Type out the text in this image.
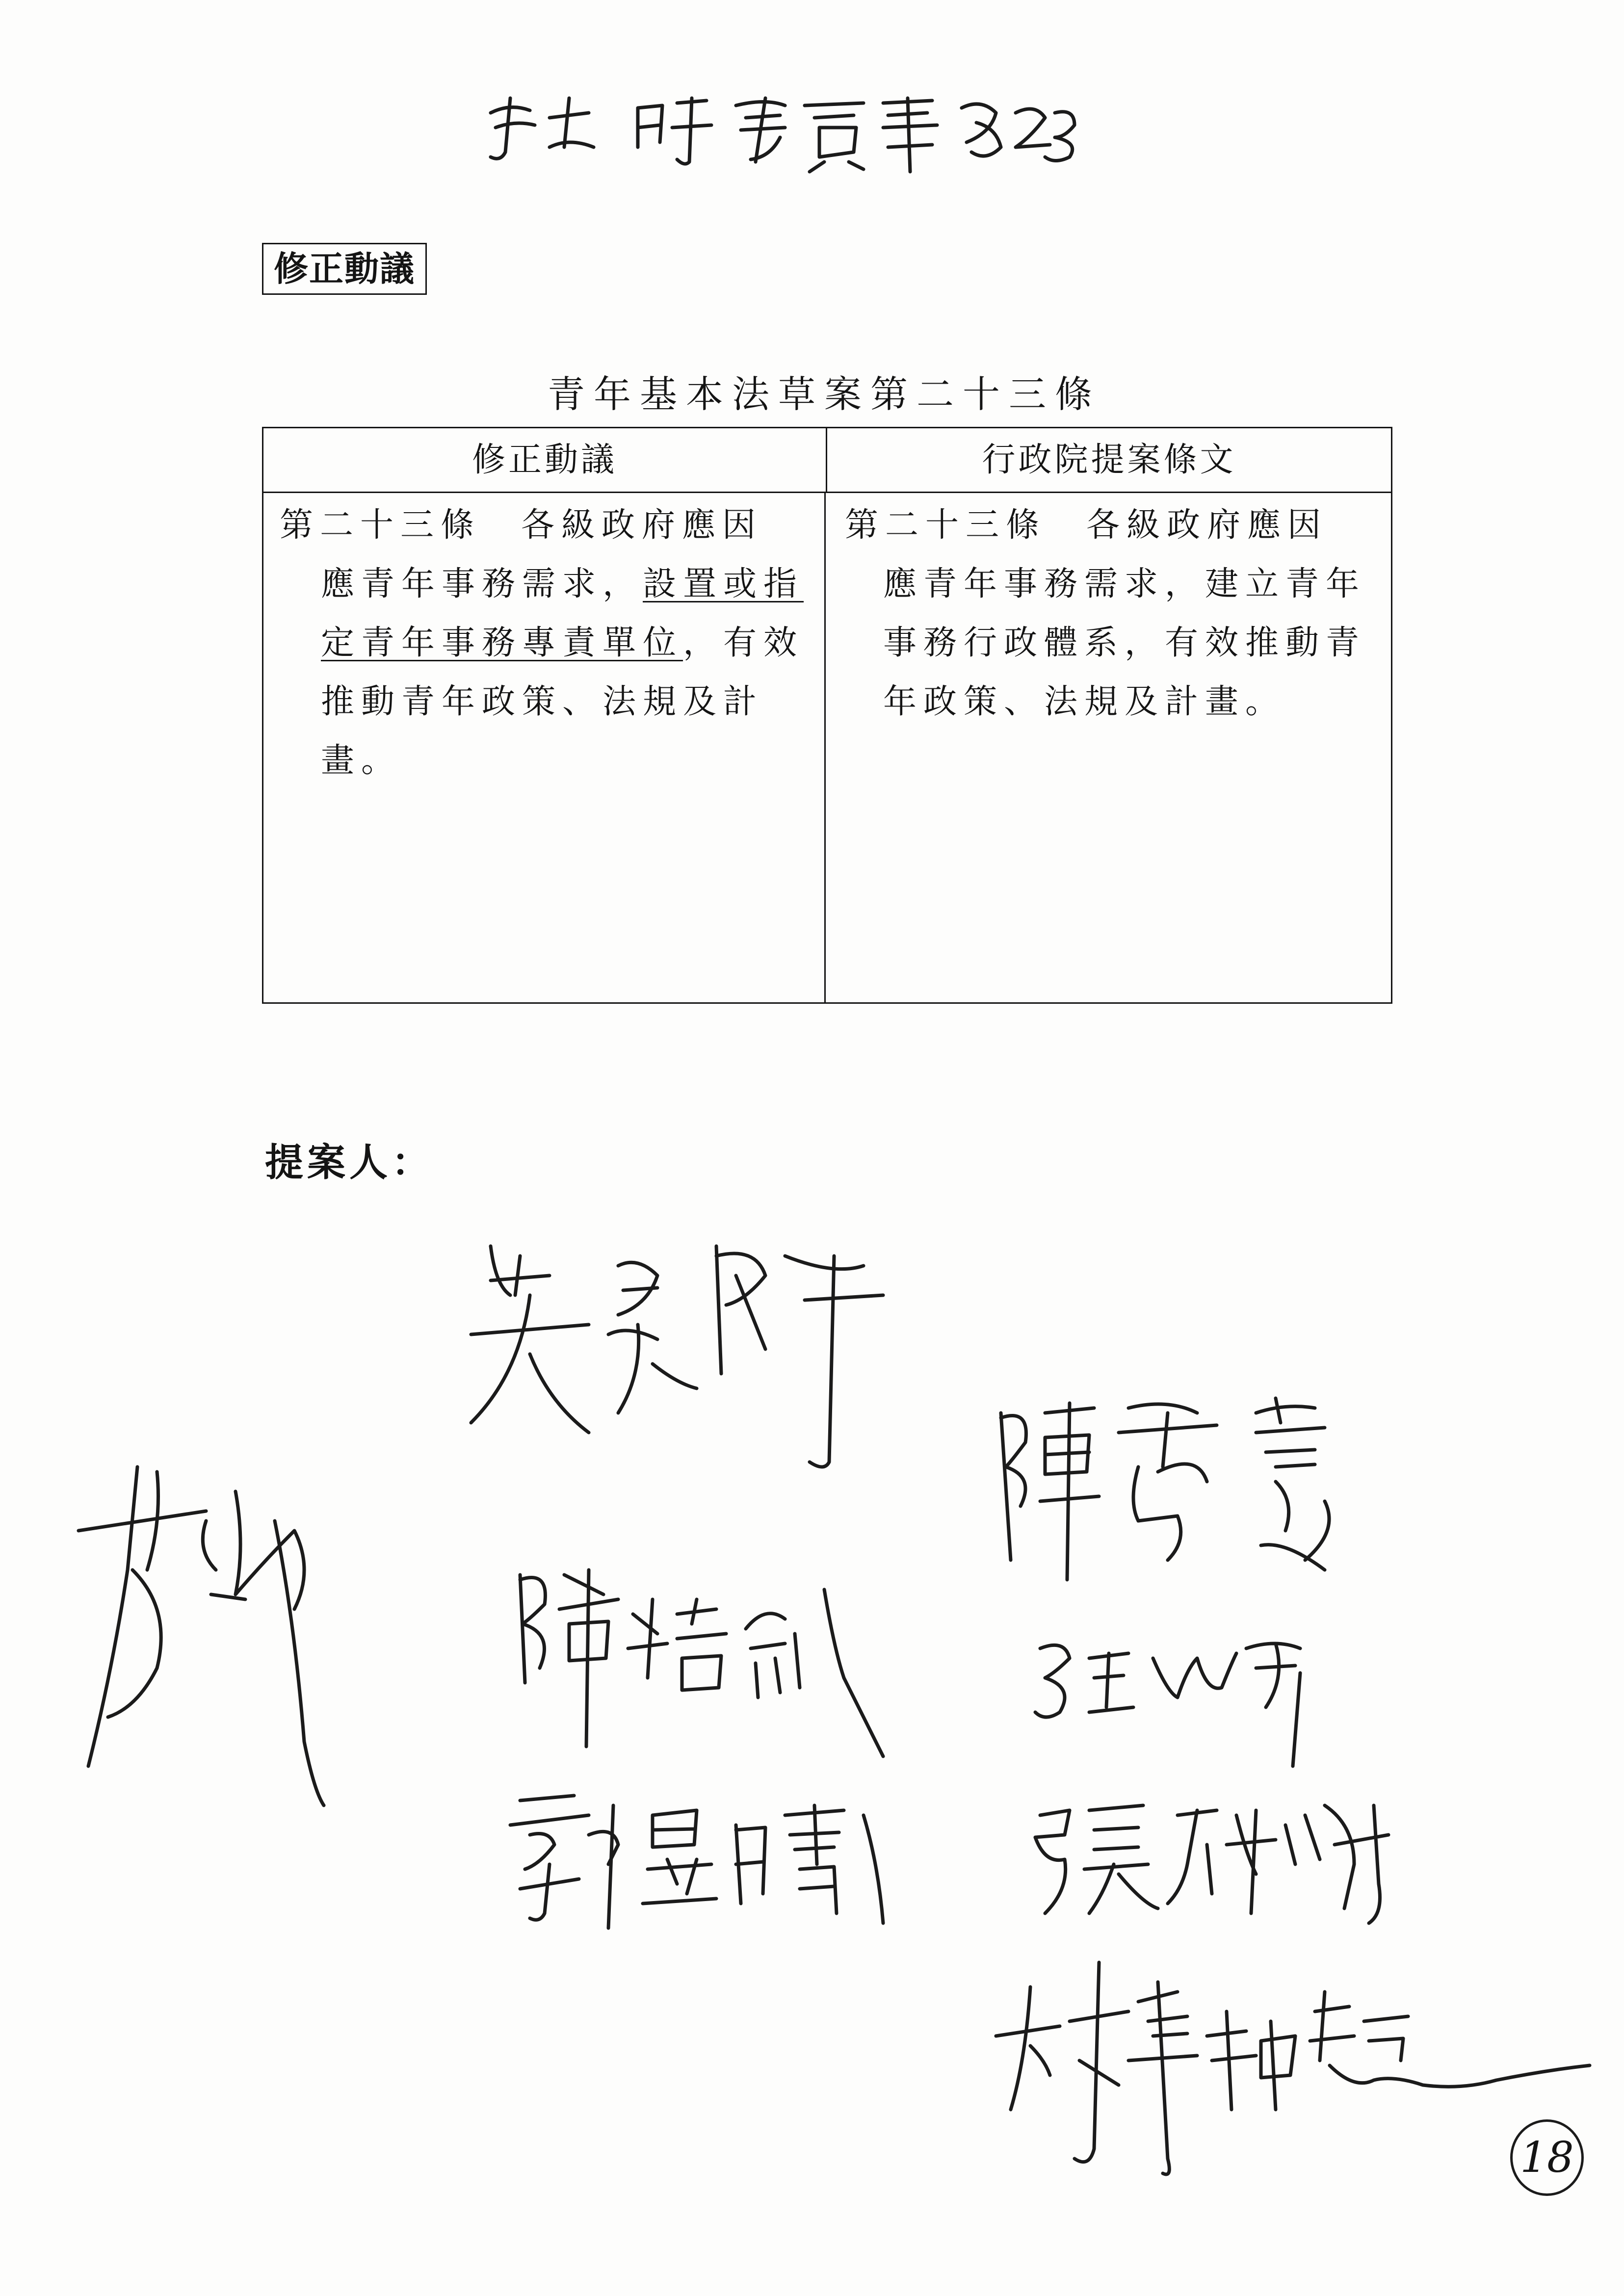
修正動議
青年基本法草案第二十三條
修正動議	行政院提案條文
第二十三條　各級政府應因
應青年事務需求，設置或指
定青年事務專責單位，有效
推動青年政策、法規及計
畫。
第二十三條　各級政府應因
應青年事務需求，建立青年
事務行政體系，有效推動青
年政策、法規及計畫。
提案人：
18
